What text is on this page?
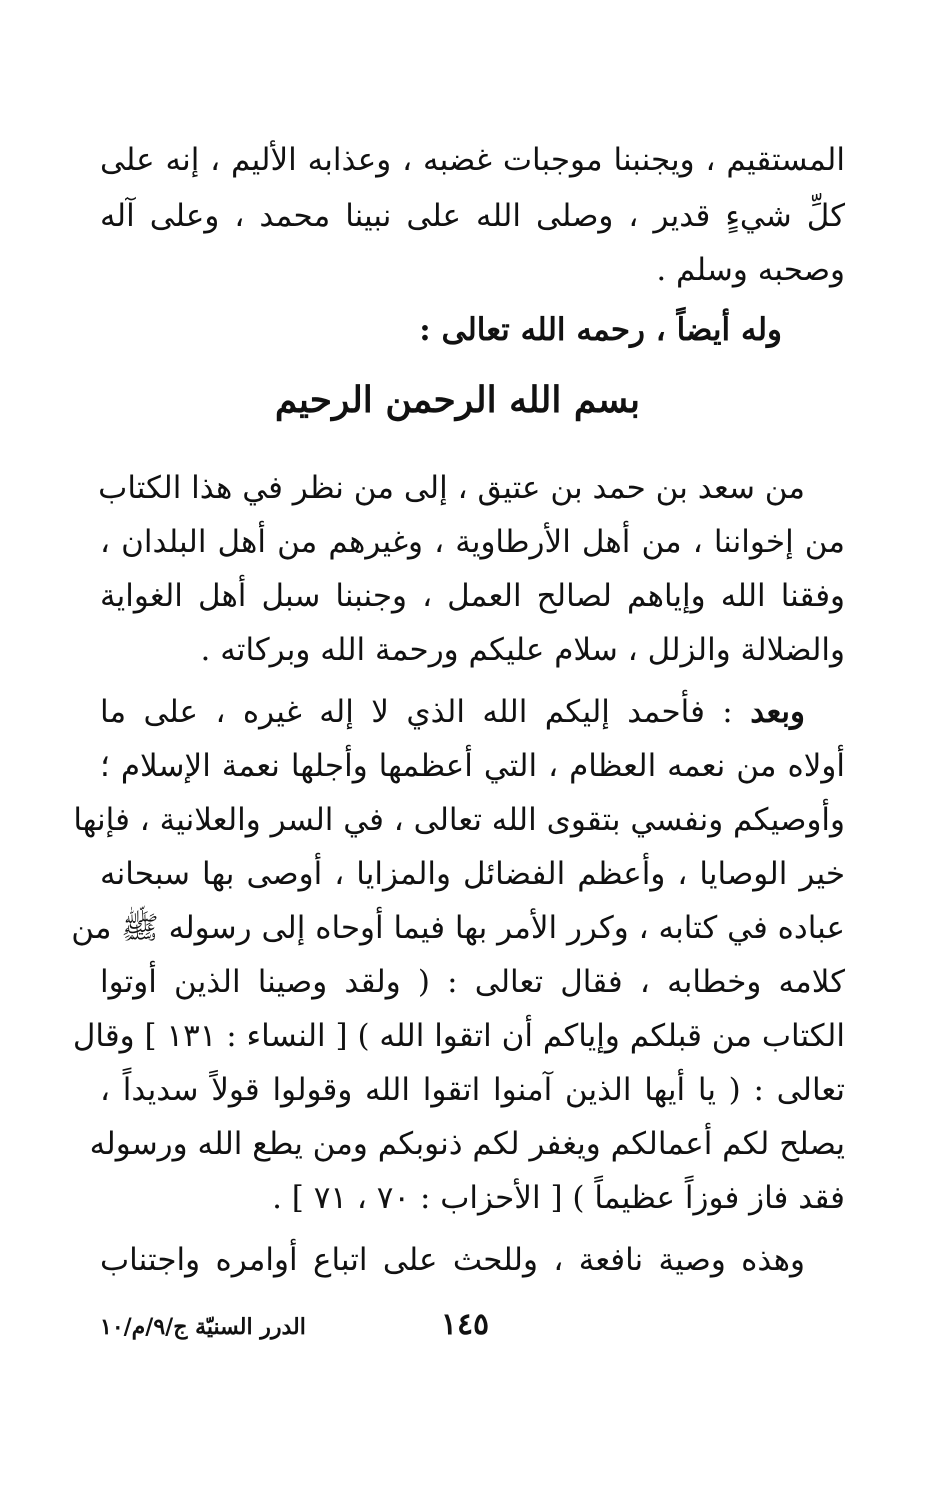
المستقيم ، ويجنبنا موجبات غضبه ، وعذابه الأليم ، إنه على
كلِّ شيءٍ قدير ، وصلى الله على نبينا محمد ، وعلى آله
وصحبه وسلم .
وله أيضاً ، رحمه الله تعالى :
بسم الله الرحمن الرحيم
من سعد بن حمد بن عتيق ، إلى من نظر في هذا الكتاب
من إخواننا ، من أهل الأرطاوية ، وغيرهم من أهل البلدان ،
وفقنا الله وإياهم لصالح العمل ، وجنبنا سبل أهل الغواية
والضلالة والزلل ، سلام عليكم ورحمة الله وبركاته .
وبعد : فأحمد إليكم الله الذي لا إله غيره ، على ما
أولاه من نعمه العظام ، التي أعظمها وأجلها نعمة الإسلام ؛
وأوصيكم ونفسي بتقوى الله تعالى ، في السر والعلانية ، فإنها
خير الوصايا ، وأعظم الفضائل والمزايا ، أوصى بها سبحانه
عباده في كتابه ، وكرر الأمر بها فيما أوحاه إلى رسوله ﷺ من
كلامه وخطابه ، فقال تعالى : ( ولقد وصينا الذين أوتوا
الكتاب من قبلكم وإياكم أن اتقوا الله ) [ النساء : ١٣١ ] وقال
تعالى : ( يا أيها الذين آمنوا اتقوا الله وقولوا قولاً سديداً ،
يصلح لكم أعمالكم ويغفر لكم ذنوبكم ومن يطع الله ورسوله
فقد فاز فوزاً عظيماً ) [ الأحزاب : ٧٠ ، ٧١ ] .
وهذه وصية نافعة ، وللحث على اتباع أوامره واجتناب
١٤٥
الدرر السنيّة ج/٩/م/١٠
